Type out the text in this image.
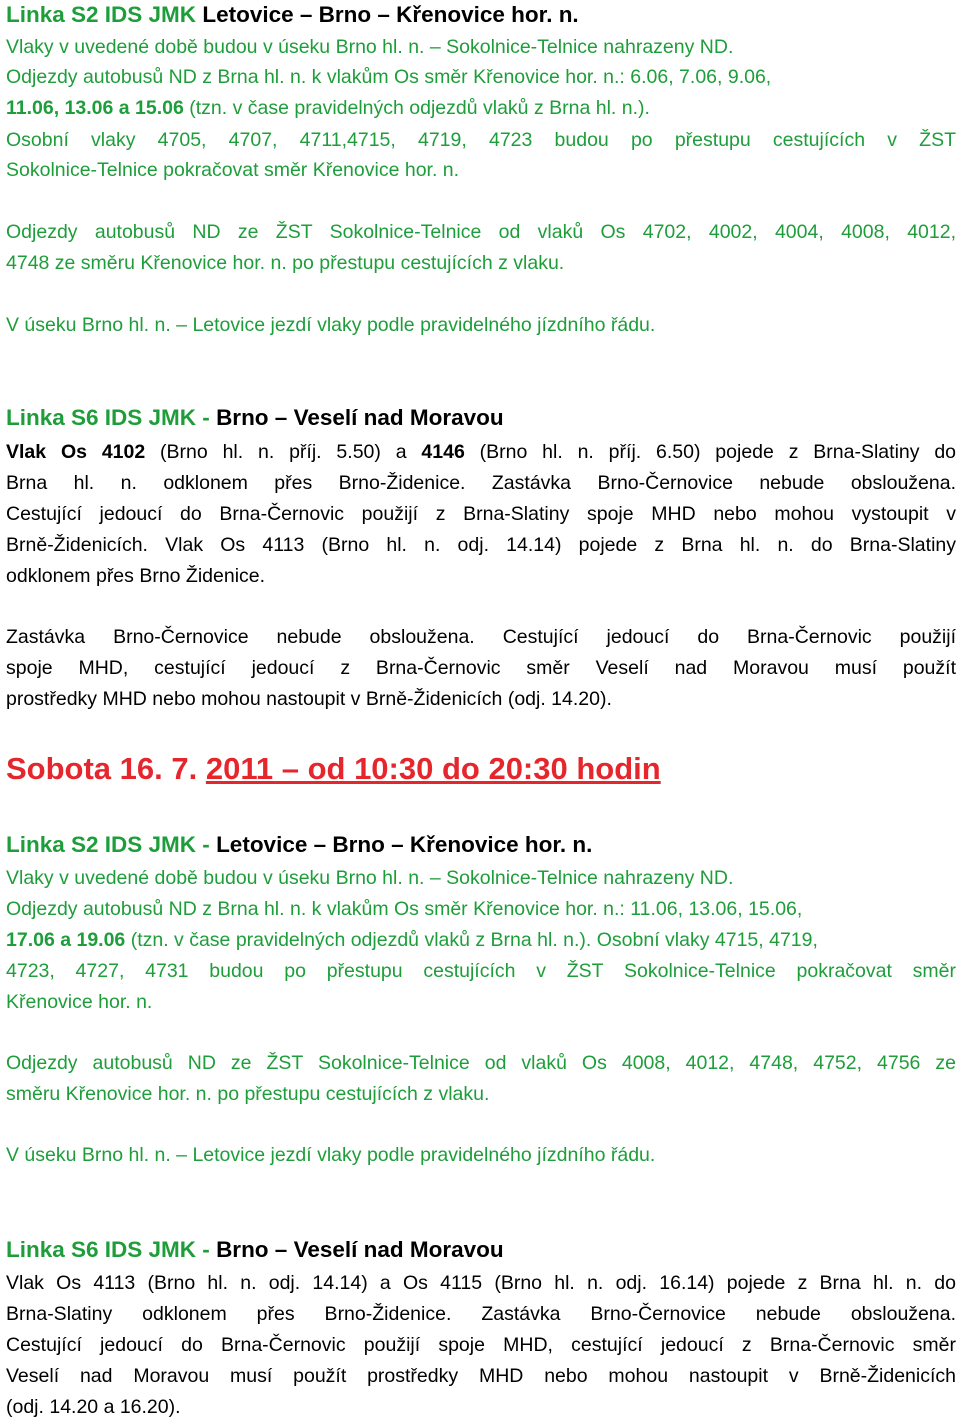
Linka S2 IDS JMK Letovice – Brno – Křenovice hor. n.
Vlaky v uvedené době budou v úseku Brno hl. n. – Sokolnice-Telnice nahrazeny ND.
Odjezdy autobusů ND z Brna hl. n. k vlakům Os směr Křenovice hor. n.: 6.06, 7.06, 9.06,
11.06, 13.06 a 15.06 (tzn. v čase pravidelných odjezdů vlaků z Brna hl. n.).
Osobní vlaky 4705, 4707, 4711,4715, 4719, 4723 budou po přestupu cestujících v ŽST
Sokolnice-Telnice pokračovat směr Křenovice hor. n.
Odjezdy autobusů ND ze ŽST Sokolnice-Telnice od vlaků Os 4702, 4002, 4004, 4008, 4012,
4748 ze směru Křenovice hor. n. po přestupu cestujících z vlaku.
V úseku Brno hl. n. – Letovice jezdí vlaky podle pravidelného jízdního řádu.
Linka S6 IDS JMK - Brno – Veselí nad Moravou
Vlak Os 4102 (Brno hl. n. příj. 5.50) a 4146 (Brno hl. n. příj. 6.50) pojede z Brna-Slatiny do
Brna hl. n. odklonem přes Brno-Židenice. Zastávka Brno-Černovice nebude obsloužena.
Cestující jedoucí do Brna-Černovic použijí z Brna-Slatiny spoje MHD nebo mohou vystoupit v
Brně-Židenicích. Vlak Os 4113 (Brno hl. n. odj. 14.14) pojede z Brna hl. n. do Brna-Slatiny
odklonem přes Brno Židenice.
Zastávka Brno-Černovice nebude obsloužena. Cestující jedoucí do Brna-Černovic použijí
spoje MHD, cestující jedoucí z Brna-Černovic směr Veselí nad Moravou musí použít
prostředky MHD nebo mohou nastoupit v Brně-Židenicích (odj. 14.20).
Sobota 16. 7. 2011 – od 10:30 do 20:30 hodin
Linka S2 IDS JMK - Letovice – Brno – Křenovice hor. n.
Vlaky v uvedené době budou v úseku Brno hl. n. – Sokolnice-Telnice nahrazeny ND.
Odjezdy autobusů ND z Brna hl. n. k vlakům Os směr Křenovice hor. n.: 11.06, 13.06, 15.06,
17.06 a 19.06 (tzn. v čase pravidelných odjezdů vlaků z Brna hl. n.). Osobní vlaky 4715, 4719,
4723, 4727, 4731 budou po přestupu cestujících v ŽST Sokolnice-Telnice pokračovat směr
Křenovice hor. n.
Odjezdy autobusů ND ze ŽST Sokolnice-Telnice od vlaků Os 4008, 4012, 4748, 4752, 4756 ze
směru Křenovice hor. n. po přestupu cestujících z vlaku.
V úseku Brno hl. n. – Letovice jezdí vlaky podle pravidelného jízdního řádu.
Linka S6 IDS JMK - Brno – Veselí nad Moravou
Vlak Os 4113 (Brno hl. n. odj. 14.14) a Os 4115 (Brno hl. n. odj. 16.14) pojede z Brna hl. n. do
Brna-Slatiny odklonem přes Brno-Židenice. Zastávka Brno-Černovice nebude obsloužena.
Cestující jedoucí do Brna-Černovic použijí spoje MHD, cestující jedoucí z Brna-Černovic směr
Veselí nad Moravou musí použít prostředky MHD nebo mohou nastoupit v Brně-Židenicích
(odj. 14.20 a 16.20).
